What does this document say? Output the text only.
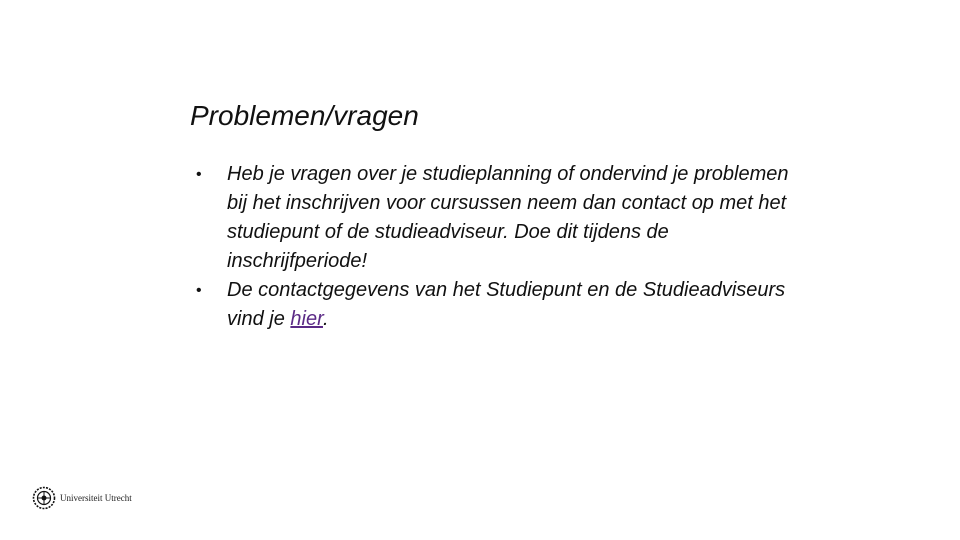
Problemen/vragen
• Heb je vragen over je studieplanning of ondervind je problemen bij het inschrijven voor cursussen neem dan contact op met het studiepunt of de studieadviseur. Doe dit tijdens de inschrijfperiode!
• De contactgegevens van het Studiepunt en de Studieadviseurs vind je hier.
Universiteit Utrecht
